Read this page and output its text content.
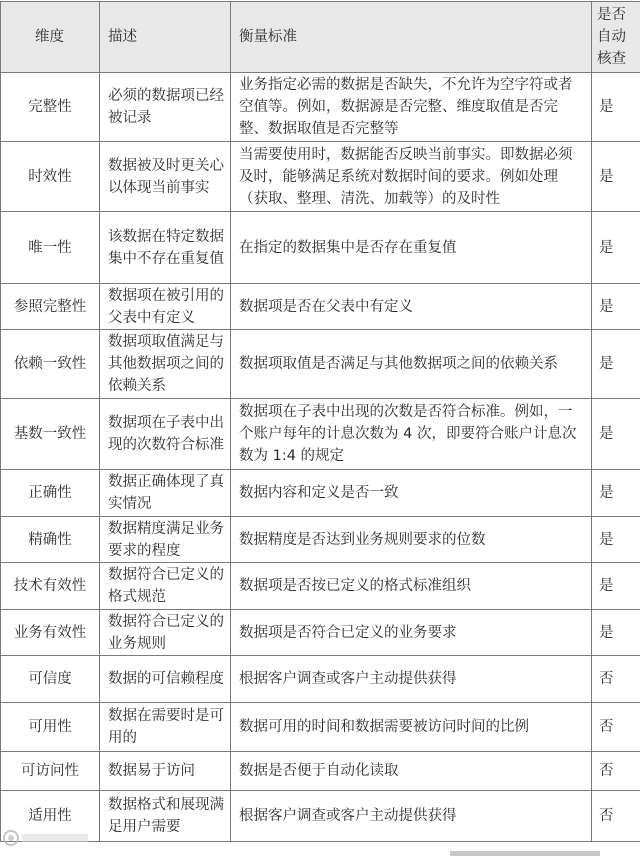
维度	描述	衡量标准	是否自动核查
完整性	必须的数据项已经被记录	业务指定必需的数据是否缺失，不允许为空字符或者空值等。例如，数据源是否完整、维度取值是否完整、数据取值是否完整等	是
时效性	数据被及时更关心以体现当前事实	当需要使用时，数据能否反映当前事实。即数据必须及时，能够满足系统对数据时间的要求。例如处理（获取、整理、清洗、加载等）的及时性	是
唯一性	该数据在特定数据集中不存在重复值	在指定的数据集中是否存在重复值	是
参照完整性	数据项在被引用的父表中有定义	数据项是否在父表中有定义	是
依赖一致性	数据项取值满足与其他数据项之间的依赖关系	数据项取值是否满足与其他数据项之间的依赖关系	是
基数一致性	数据项在子表中出现的次数符合标准	数据项在子表中出现的次数是否符合标准。例如，一个账户每年的计息次数为 4 次，即要符合账户计息次数为 1:4 的规定	是
正确性	数据正确体现了真实情况	数据内容和定义是否一致	是
精确性	数据精度满足业务要求的程度	数据精度是否达到业务规则要求的位数	是
技术有效性	数据符合已定义的格式规范	数据项是否按已定义的格式标准组织	是
业务有效性	数据符合已定义的业务规则	数据项是否符合已定义的业务要求	是
可信度	数据的可信赖程度	根据客户调查或客户主动提供获得	否
可用性	数据在需要时是可用的	数据可用的时间和数据需要被访问时间的比例	否
可访问性	数据易于访问	数据是否便于自动化读取	否
适用性	数据格式和展现满足用户需要	根据客户调查或客户主动提供获得	否
